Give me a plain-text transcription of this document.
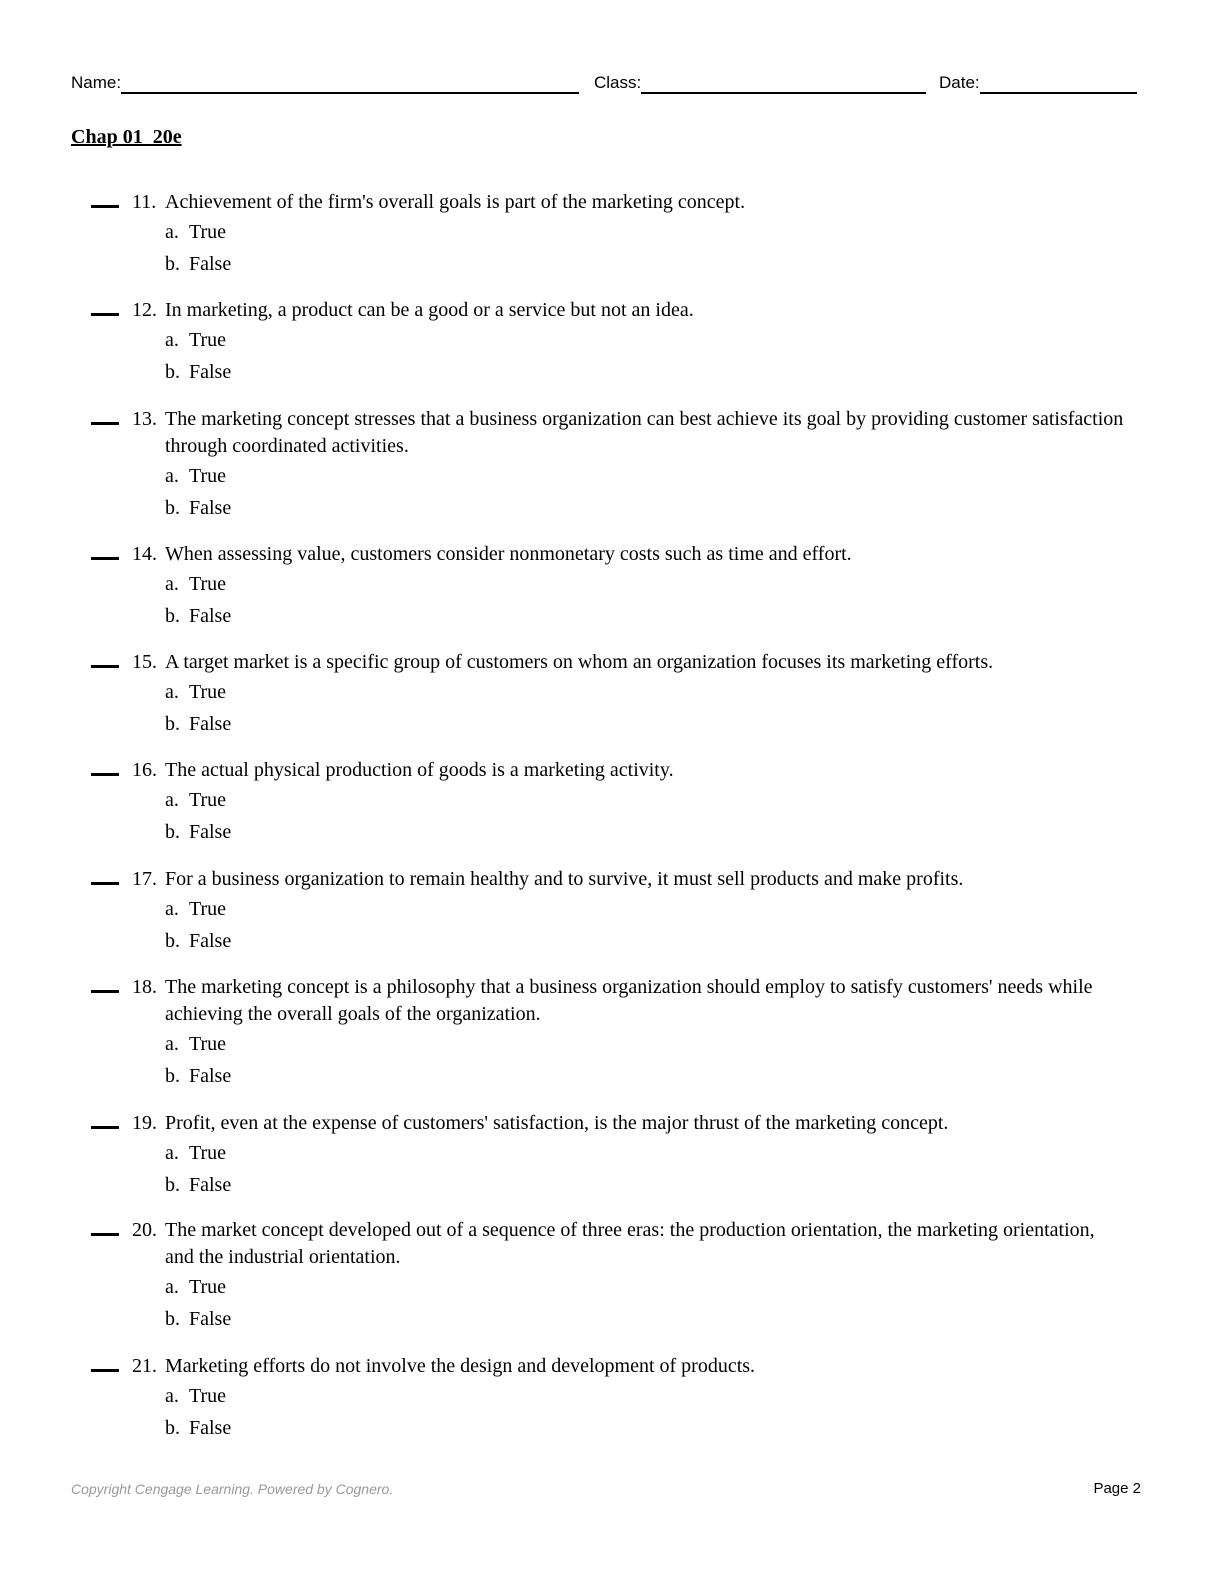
Name:	Class:	Date:
Chap 01_20e
11. Achievement of the firm's overall goals is part of the marketing concept.
a. True
b. False
12. In marketing, a product can be a good or a service but not an idea.
a. True
b. False
13. The marketing concept stresses that a business organization can best achieve its goal by providing customer satisfaction through coordinated activities.
a. True
b. False
14. When assessing value, customers consider nonmonetary costs such as time and effort.
a. True
b. False
15. A target market is a specific group of customers on whom an organization focuses its marketing efforts.
a. True
b. False
16. The actual physical production of goods is a marketing activity.
a. True
b. False
17. For a business organization to remain healthy and to survive, it must sell products and make profits.
a. True
b. False
18. The marketing concept is a philosophy that a business organization should employ to satisfy customers' needs while achieving the overall goals of the organization.
a. True
b. False
19. Profit, even at the expense of customers' satisfaction, is the major thrust of the marketing concept.
a. True
b. False
20. The market concept developed out of a sequence of three eras: the production orientation, the marketing orientation, and the industrial orientation.
a. True
b. False
21. Marketing efforts do not involve the design and development of products.
a. True
b. False
Copyright Cengage Learning. Powered by Cognero.	Page 2
